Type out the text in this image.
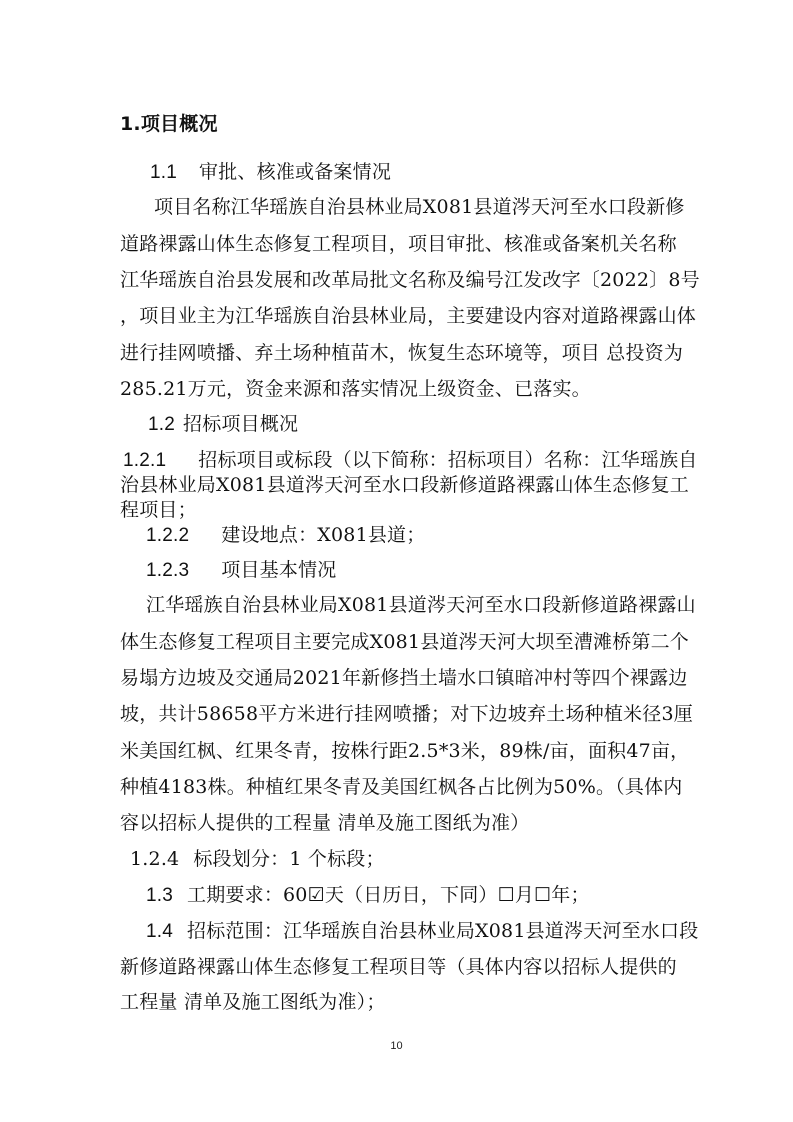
1.项目概况
1.1 审批、核准或备案情况
项目名称江华瑶族自治县林业局X081县道涔天河至水口段新修
道路裸露山体生态修复工程项目，项目审批、核准或备案机关名称
江华瑶族自治县发展和改革局批文名称及编号江发改字〔2022〕8号
，项目业主为江华瑶族自治县林业局，主要建设内容对道路裸露山体
进行挂网喷播、弃土场种植苗木，恢复生态环境等，项目 总投资为
285.21万元，资金来源和落实情况上级资金、已落实。
1.2 招标项目概况
1.2.1 招标项目或标段（以下简称：招标项目）名称：江华瑶族自
治县林业局X081县道涔天河至水口段新修道路裸露山体生态修复工
程项目；
1.2.2 建设地点：X081县道；
1.2.3 项目基本情况
江华瑶族自治县林业局X081县道涔天河至水口段新修道路裸露山
体生态修复工程项目主要完成X081县道涔天河大坝至漕滩桥第二个
易塌方边坡及交通局2021年新修挡土墙水口镇暗冲村等四个裸露边
坡，共计58658平方米进行挂网喷播；对下边坡弃土场种植米径3厘
米美国红枫、红果冬青，按株行距2.5*3米，89株/亩，面积47亩，
种植4183株。种植红果冬青及美国红枫各占比例为50%。（具体内
容以招标人提供的工程量 清单及施工图纸为准）
1.2.4 标段划分：1 个标段；
1.3 工期要求：60☑天（日历日，下同）☐月☐年；
1.4 招标范围：江华瑶族自治县林业局X081县道涔天河至水口段
新修道路裸露山体生态修复工程项目等（具体内容以招标人提供的
工程量 清单及施工图纸为准）；
10
